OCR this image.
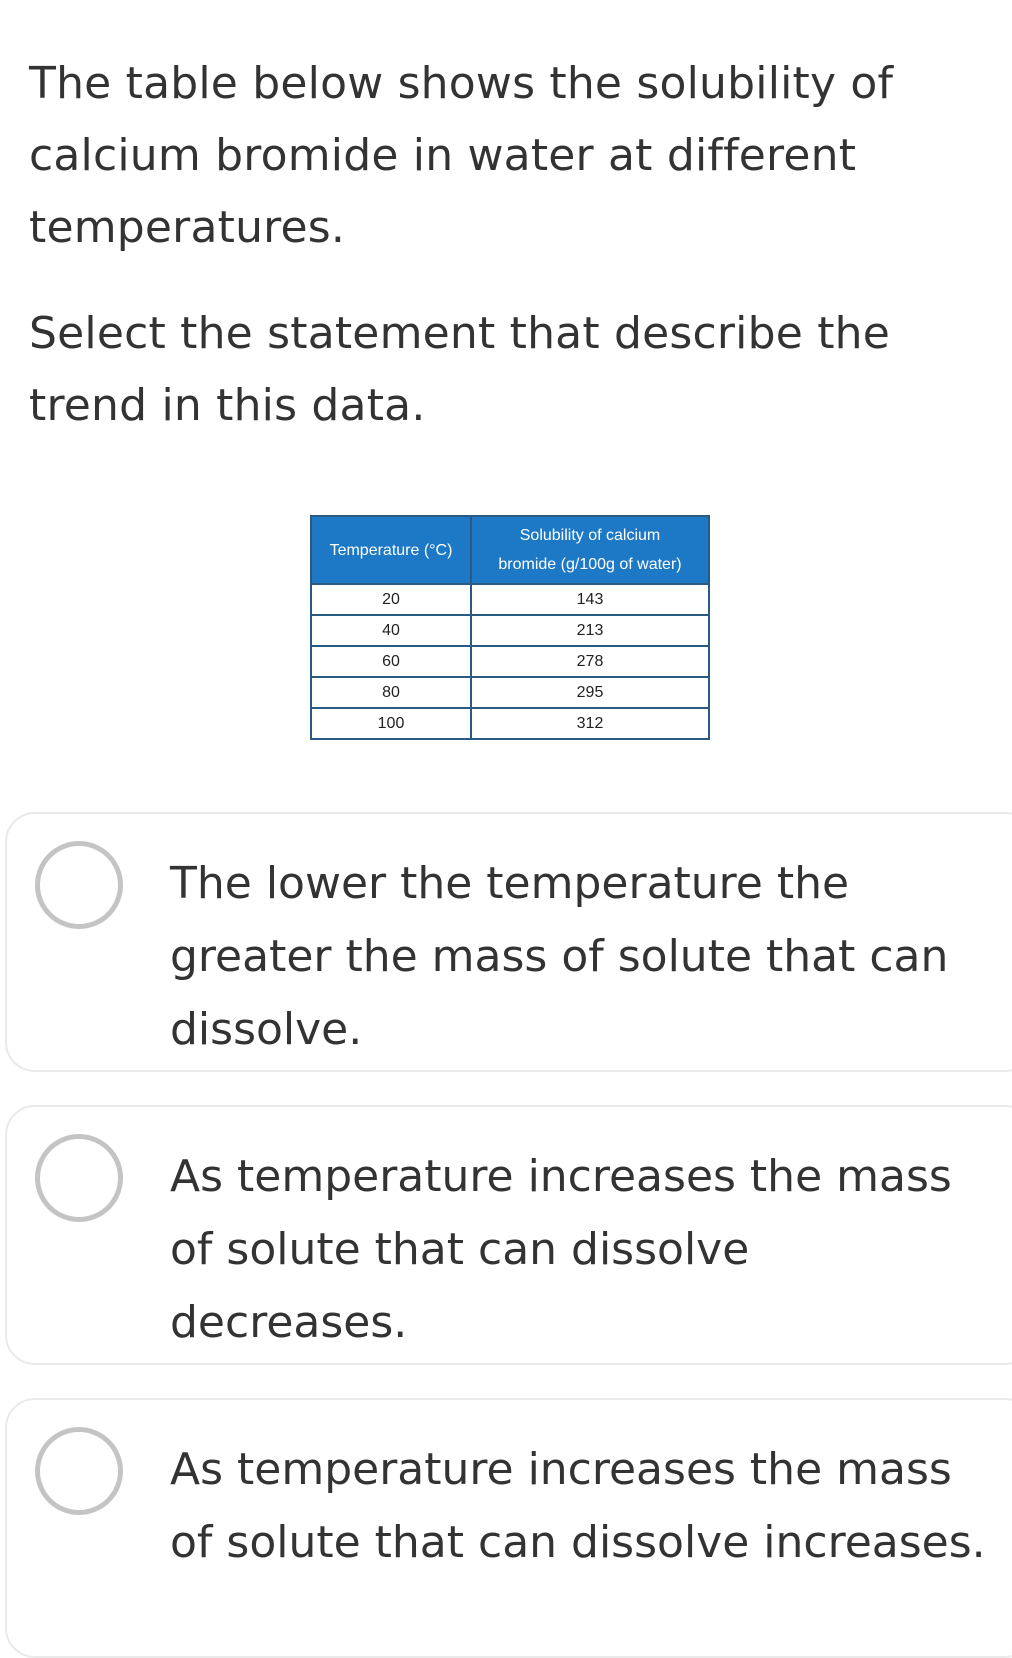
The table below shows the solubility of calcium bromide in water at different temperatures.

Select the statement that describe the trend in this data.

Temperature (°C)	Solubility of calcium
bromide (g/100g of water)
20	143
40	213
60	278
80	295
100	312
The lower the temperature the greater the mass of solute that can dissolve.
As temperature increases the mass of solute that can dissolve decreases.
As temperature increases the mass of solute that can dissolve increases.
